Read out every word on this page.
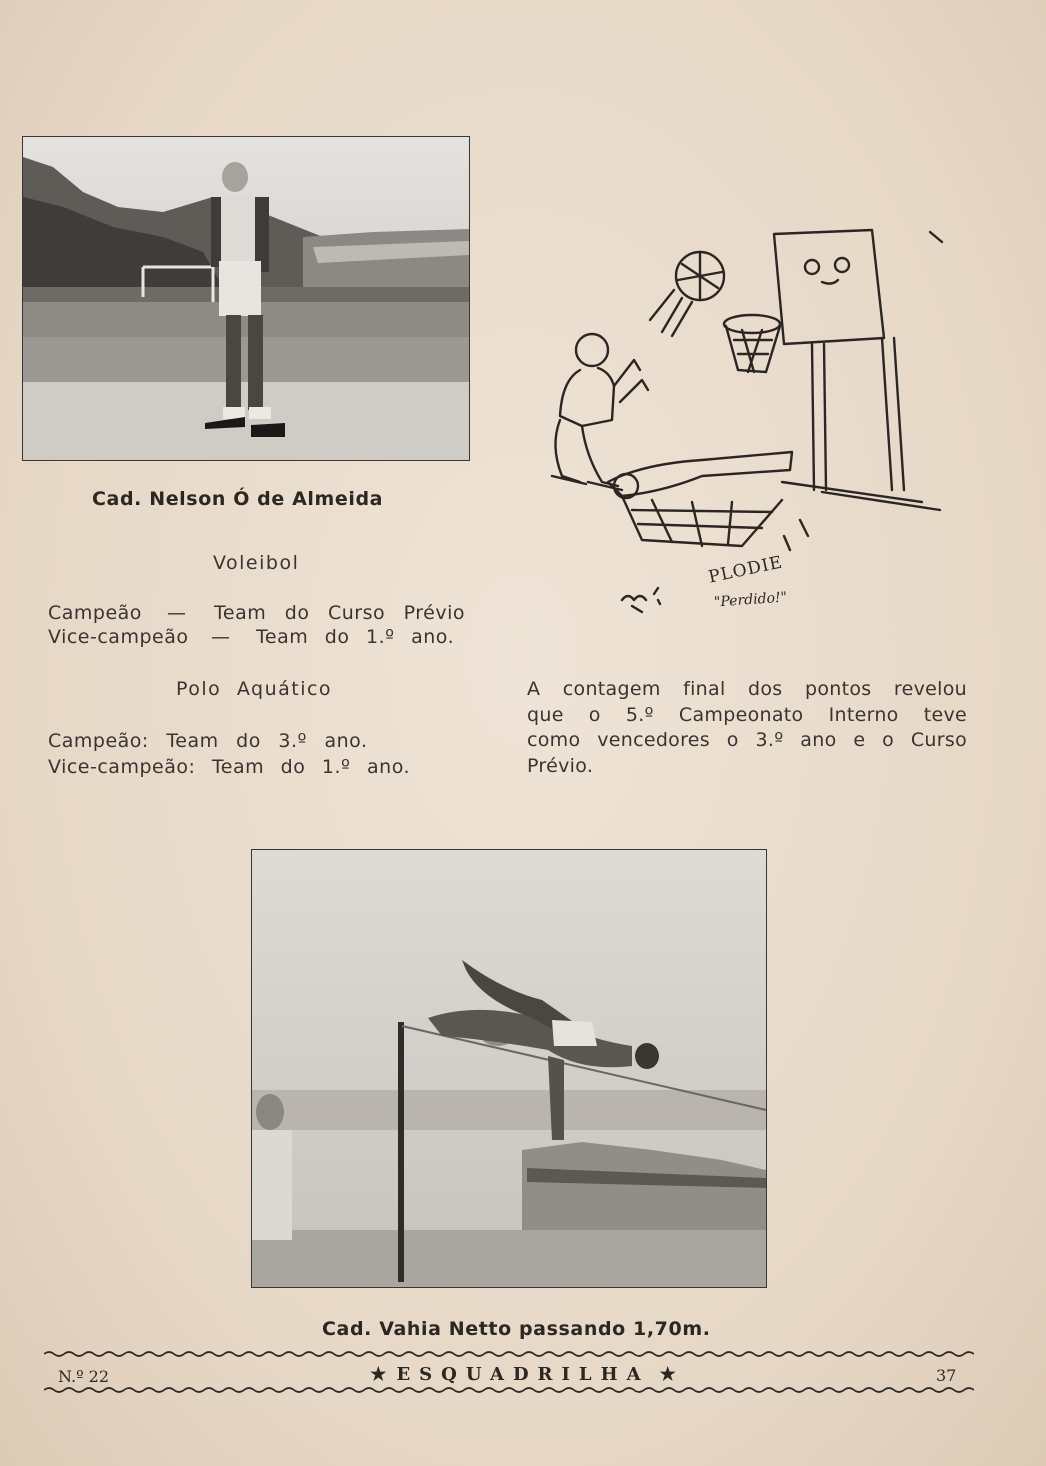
Cad. Nelson Ó de Almeida
PLODIE
"Perdido!"
Voleibol
Campeão — Team do Curso Prévio
Vice-campeão — Team do 1.º ano.
Polo Aquático
Campeão: Team do 3.º ano.
Vice-campeão: Team do 1.º ano.
A contagem final dos pontos revelou
que o 5.º Campeonato Interno teve
como vencedores o 3.º ano e o Curso
Prévio.
Cad. Vahia Netto passando 1,70m.
N.º 22	★ ESQUADRILHA ★	37
